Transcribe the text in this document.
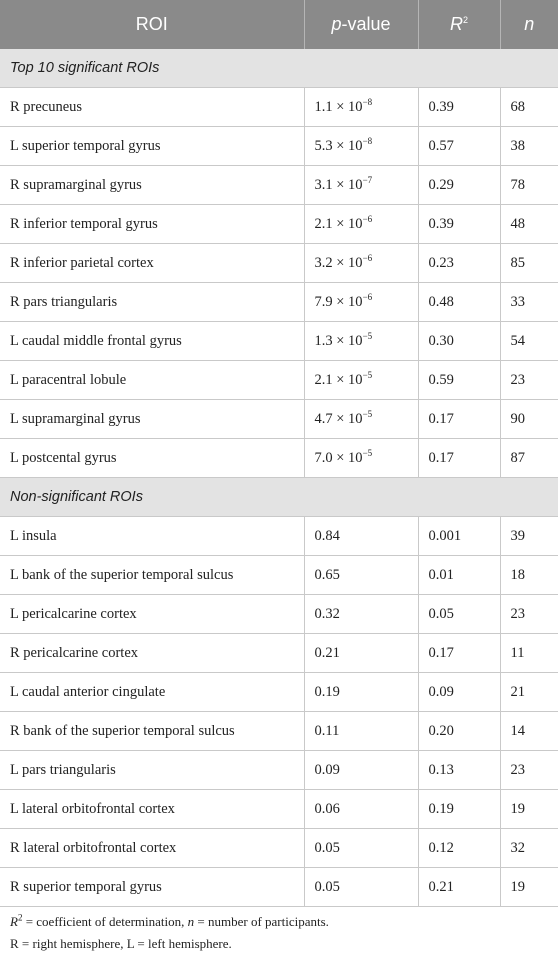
ROI	p-value	$R^2$	n
Top 10 significant ROIs			
R precuneus	$1.1 \times 10^{-8}$	0.39	68
L superior temporal gyrus	$5.3 \times 10^{-8}$	0.57	38
R supramarginal gyrus	$3.1 \times 10^{-7}$	0.29	78
R inferior temporal gyrus	$2.1 \times 10^{-6}$	0.39	48
R inferior parietal cortex	$3.2 \times 10^{-6}$	0.23	85
R pars triangularis	$7.9 \times 10^{-6}$	0.48	33
L caudal middle frontal gyrus	$1.3 \times 10^{-5}$	0.30	54
L paracentral lobule	$2.1 \times 10^{-5}$	0.59	23
L supramarginal gyrus	$4.7 \times 10^{-5}$	0.17	90
L postcental gyrus	$7.0 \times 10^{-5}$	0.17	87
Non-significant ROIs			
L insula	0.84	0.001	39
L bank of the superior temporal sulcus	0.65	0.01	18
L pericalcarine cortex	0.32	0.05	23
R pericalcarine cortex	0.21	0.17	11
L caudal anterior cingulate	0.19	0.09	21
R bank of the superior temporal sulcus	0.11	0.20	14
L pars triangularis	0.09	0.13	23
L lateral orbitofrontal cortex	0.06	0.19	19
R lateral orbitofrontal cortex	0.05	0.12	32
R superior temporal gyrus	0.05	0.21	19
$R^2$ = coefficient of determination, n = number of participants.
R = right hemisphere, L = left hemisphere.
